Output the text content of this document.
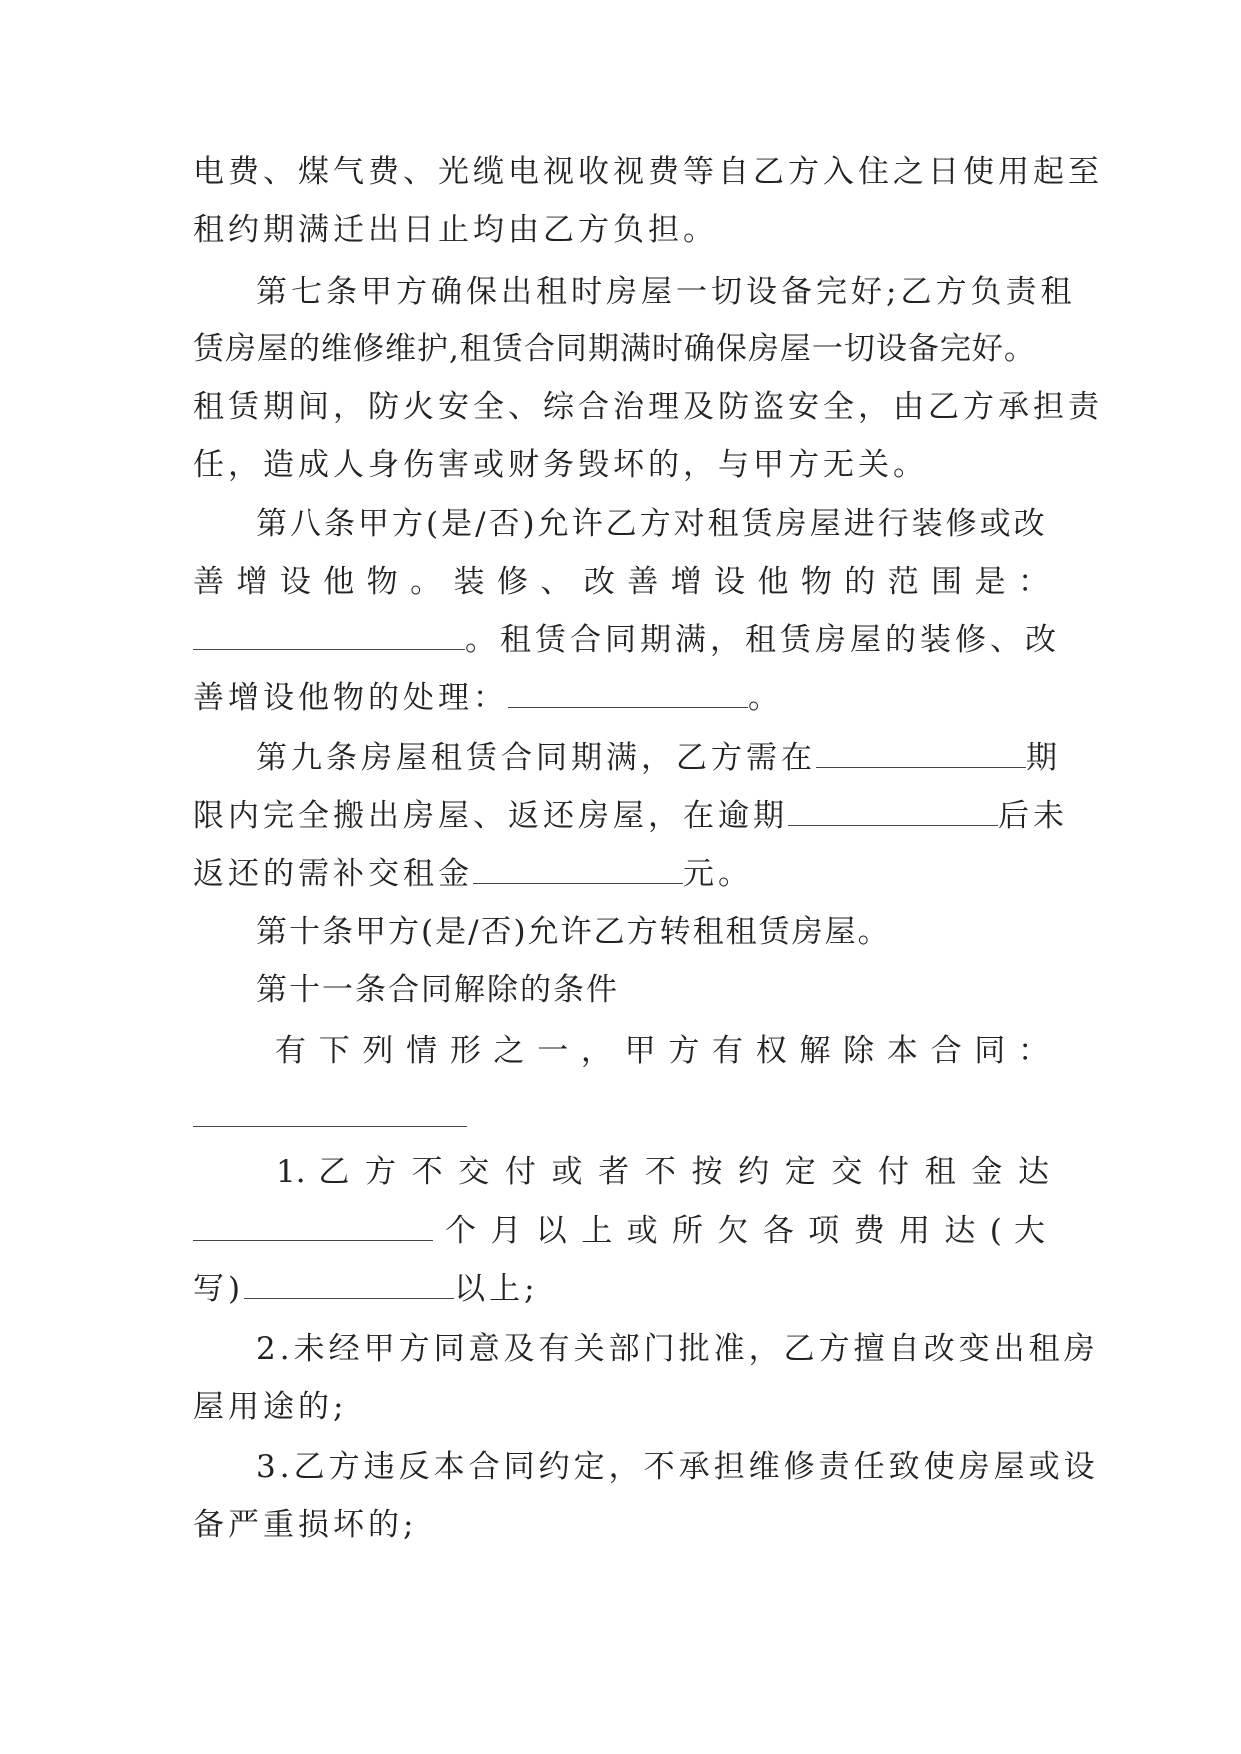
电费、煤气费、光缆电视收视费等自乙方入住之日使用起至

租约期满迁出日止均由乙方负担。

第七条甲方确保出租时房屋一切设备完好;乙方负责租

赁房屋的维修维护,租赁合同期满时确保房屋一切设备完好。

租赁期间，防火安全、综合治理及防盗安全，由乙方承担责

任，造成人身伤害或财务毁坏的，与甲方无关。

第八条甲方(是/否)允许乙方对租赁房屋进行装修或改

善 增 设 他 物 。 装 修 、 改 善 增 设 他 物 的 范 围 是 ：

。租赁合同期满，租赁房屋的装修、改

善增设他物的处理：	。

第九条房屋租赁合同期满，乙方需在	期

限内完全搬出房屋、返还房屋，在逾期	后未

返还的需补交租金	元。

第十条甲方(是/否)允许乙方转租租赁房屋。

第十一条合同解除的条件

有 下 列 情 形 之 一 ， 甲 方 有 权 解 除 本 合 同 ：

1. 乙 方 不 交 付 或 者 不 按 约 定 交 付 租 金 达

个 月 以 上 或 所 欠 各 项 费 用 达 ( 大

写)	以上;

2.未经甲方同意及有关部门批准，乙方擅自改变出租房

屋用途的;

3.乙方违反本合同约定，不承担维修责任致使房屋或设

备严重损坏的;
